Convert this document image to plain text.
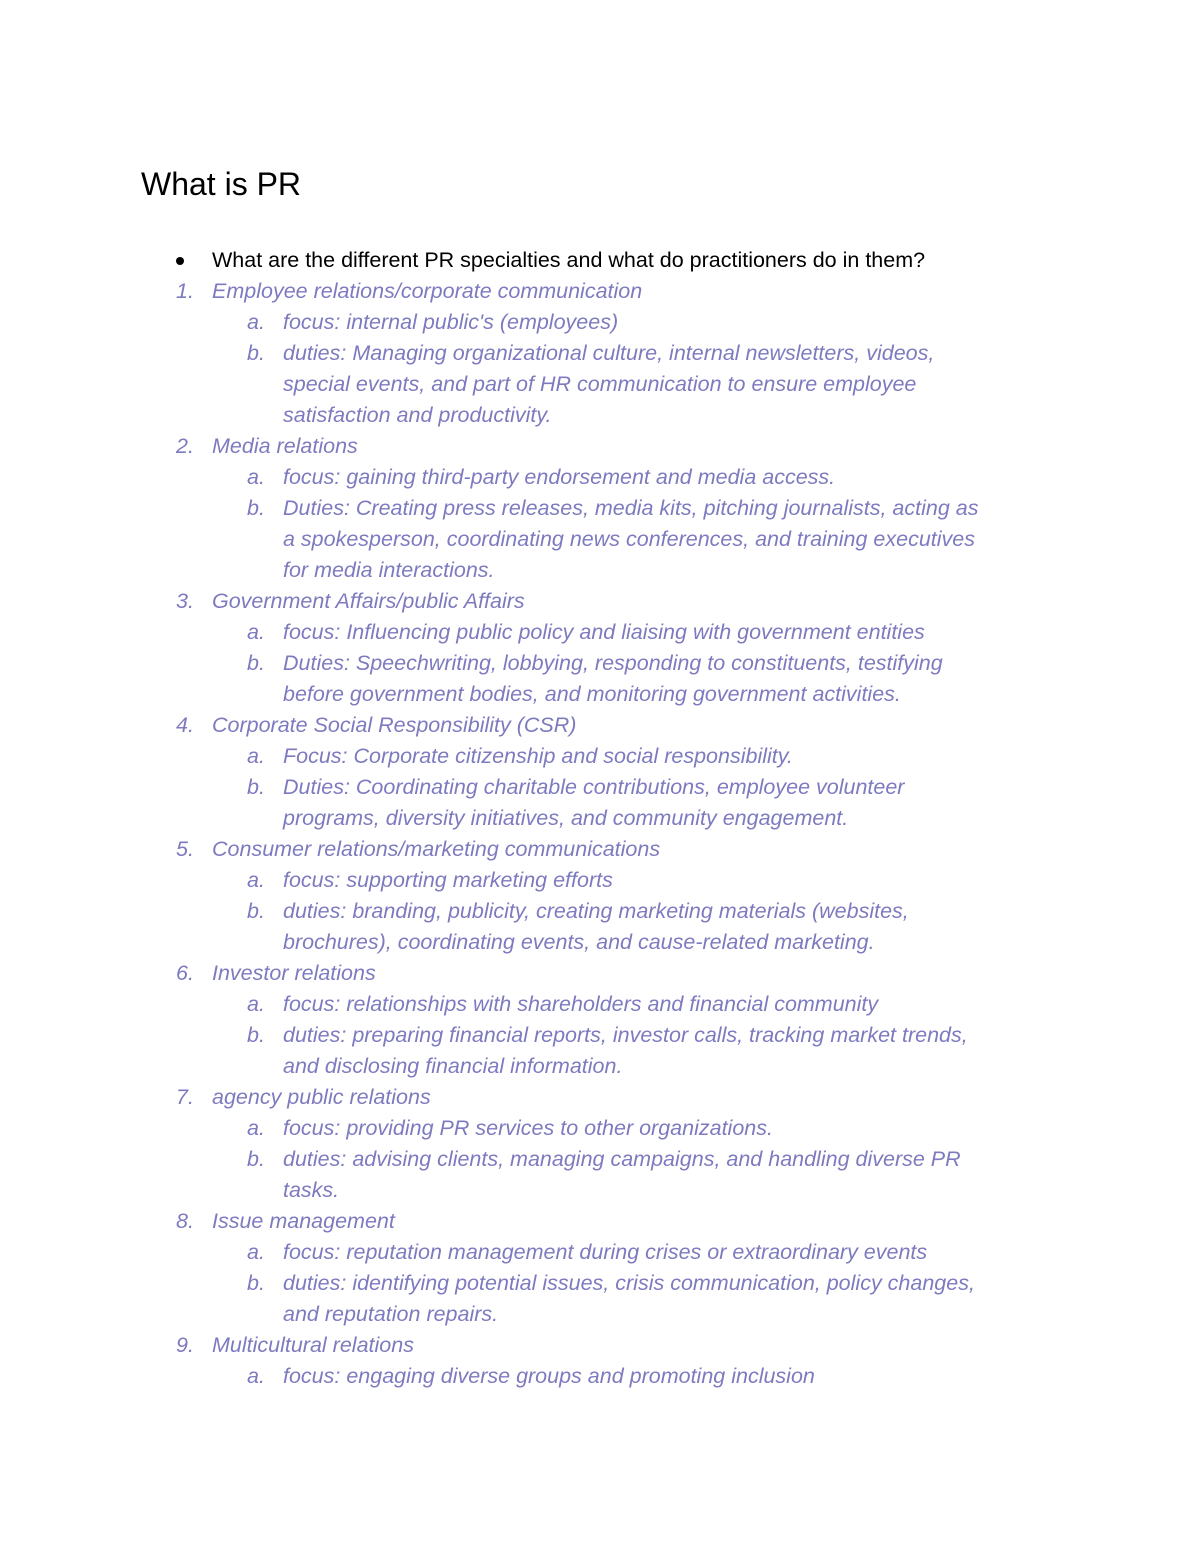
What is PR
What are the different PR specialties and what do practitioners do in them?
1. Employee relations/corporate communication
a. focus: internal public's (employees)
b. duties: Managing organizational culture, internal newsletters, videos,
special events, and part of HR communication to ensure employee
satisfaction and productivity.
2. Media relations
a. focus: gaining third-party endorsement and media access.
b. Duties: Creating press releases, media kits, pitching journalists, acting as
a spokesperson, coordinating news conferences, and training executives
for media interactions.
3. Government Affairs/public Affairs
a. focus: Influencing public policy and liaising with government entities
b. Duties: Speechwriting, lobbying, responding to constituents, testifying
before government bodies, and monitoring government activities.
4. Corporate Social Responsibility (CSR)
a. Focus: Corporate citizenship and social responsibility.
b. Duties: Coordinating charitable contributions, employee volunteer
programs, diversity initiatives, and community engagement.
5. Consumer relations/marketing communications
a. focus: supporting marketing efforts
b. duties: branding, publicity, creating marketing materials (websites,
brochures), coordinating events, and cause-related marketing.
6. Investor relations
a. focus: relationships with shareholders and financial community
b. duties: preparing financial reports, investor calls, tracking market trends,
and disclosing financial information.
7. agency public relations
a. focus: providing PR services to other organizations.
b. duties: advising clients, managing campaigns, and handling diverse PR
tasks.
8. Issue management
a. focus: reputation management during crises or extraordinary events
b. duties: identifying potential issues, crisis communication, policy changes,
and reputation repairs.
9. Multicultural relations
a. focus: engaging diverse groups and promoting inclusion
